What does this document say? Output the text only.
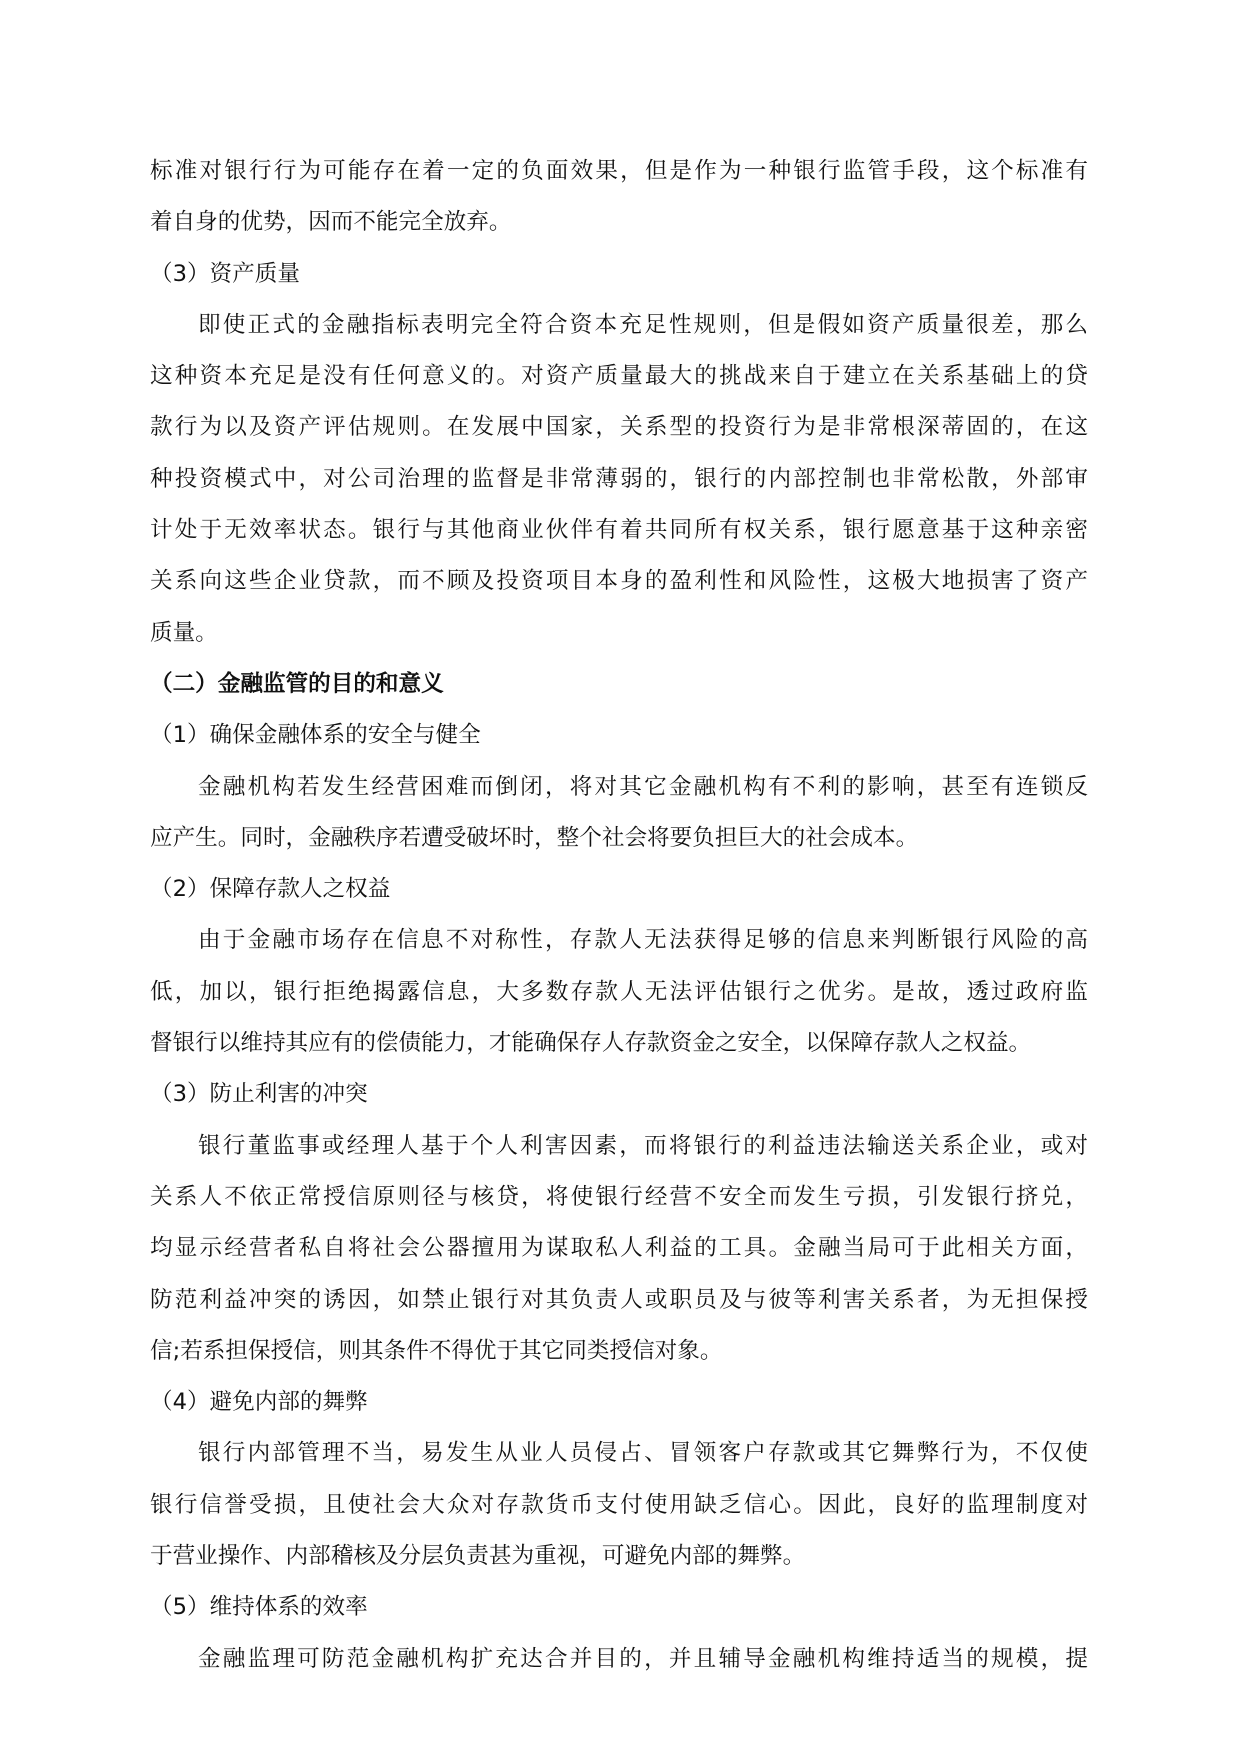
标准对银行行为可能存在着一定的负面效果，但是作为一种银行监管手段，这个标准有
着自身的优势，因而不能完全放弃。
（3）资产质量
即使正式的金融指标表明完全符合资本充足性规则，但是假如资产质量很差，那么
这种资本充足是没有任何意义的。对资产质量最大的挑战来自于建立在关系基础上的贷
款行为以及资产评估规则。在发展中国家，关系型的投资行为是非常根深蒂固的，在这
种投资模式中，对公司治理的监督是非常薄弱的，银行的内部控制也非常松散，外部审
计处于无效率状态。银行与其他商业伙伴有着共同所有权关系，银行愿意基于这种亲密
关系向这些企业贷款，而不顾及投资项目本身的盈利性和风险性，这极大地损害了资产
质量。
（二）金融监管的目的和意义
（1）确保金融体系的安全与健全
金融机构若发生经营困难而倒闭，将对其它金融机构有不利的影响，甚至有连锁反
应产生。同时，金融秩序若遭受破坏时，整个社会将要负担巨大的社会成本。
（2）保障存款人之权益
由于金融市场存在信息不对称性，存款人无法获得足够的信息来判断银行风险的高
低，加以，银行拒绝揭露信息，大多数存款人无法评估银行之优劣。是故，透过政府监
督银行以维持其应有的偿债能力，才能确保存人存款资金之安全，以保障存款人之权益。
（3）防止利害的冲突
银行董监事或经理人基于个人利害因素，而将银行的利益违法输送关系企业，或对
关系人不依正常授信原则径与核贷，将使银行经营不安全而发生亏损，引发银行挤兑，
均显示经营者私自将社会公器擅用为谋取私人利益的工具。金融当局可于此相关方面，
防范利益冲突的诱因，如禁止银行对其负责人或职员及与彼等利害关系者，为无担保授
信;若系担保授信，则其条件不得优于其它同类授信对象。
（4）避免内部的舞弊
银行内部管理不当，易发生从业人员侵占、冒领客户存款或其它舞弊行为，不仅使
银行信誉受损，且使社会大众对存款货币支付使用缺乏信心。因此，良好的监理制度对
于营业操作、内部稽核及分层负责甚为重视，可避免内部的舞弊。
（5）维持体系的效率
金融监理可防范金融机构扩充达合并目的，并且辅导金融机构维持适当的规模，提
